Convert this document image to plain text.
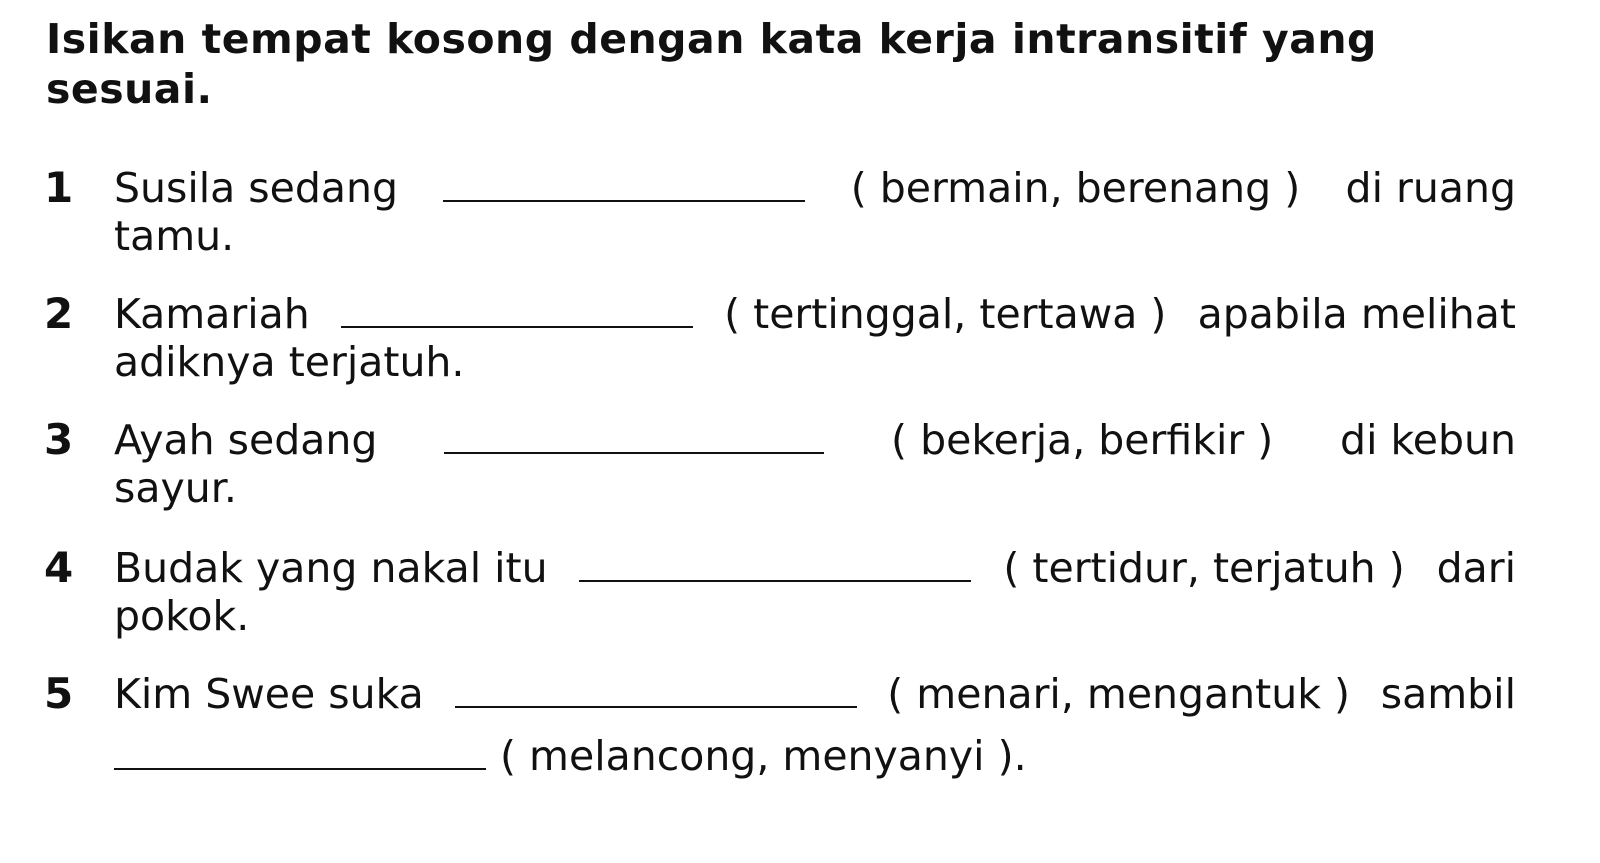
Isikan tempat kosong dengan kata kerja intransitif yang
sesuai.
1 Susila sedang	( bermain, berenang ) di ruang
tamu.
2 Kamariah	( tertinggal, tertawa ) apabila melihat
adiknya terjatuh.
3 Ayah sedang	( bekerja, berfikir ) di kebun
sayur.
4 Budak yang nakal itu	( tertidur, terjatuh ) dari
pokok.
5 Kim Swee suka	( menari, mengantuk ) sambil
( melancong, menyanyi ).
